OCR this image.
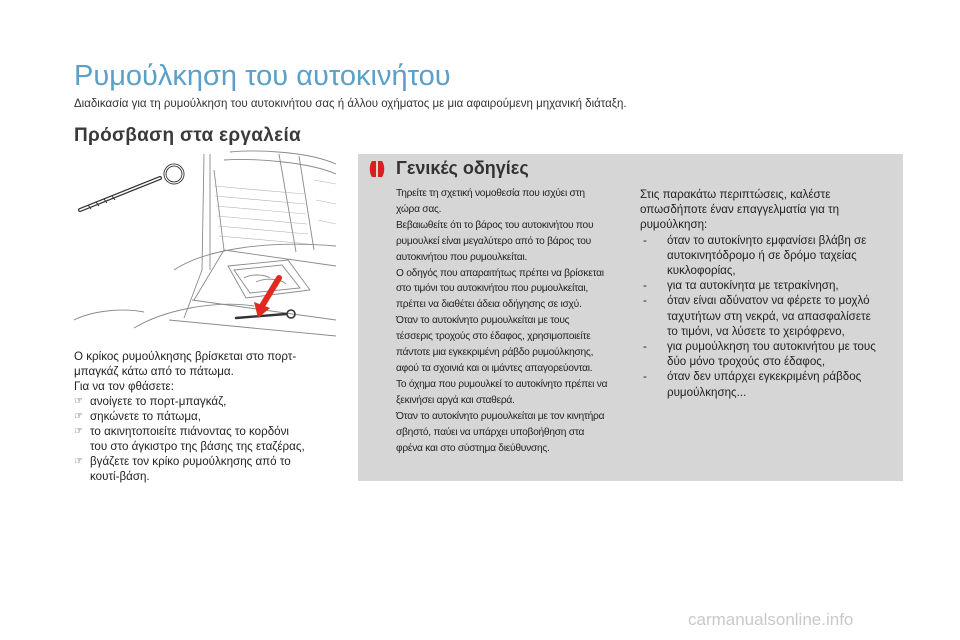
Ρυμούλκηση του αυτοκινήτου
Διαδικασία για τη ρυμούλκηση του αυτοκινήτου σας ή άλλου οχήματος με μια αφαιρούμενη μηχανική διάταξη.
Πρόσβαση στα εργαλεία
Ο κρίκος ρυμούλκησης βρίσκεται στο πορτ-
μπαγκάζ κάτω από το πάτωμα.
Για να τον φθάσετε:
☞ ανοίγετε το πορτ-μπαγκάζ,
☞ σηκώνετε το πάτωμα,
☞ το ακινητοποιείτε πιάνοντας το κορδόνι
του στο άγκιστρο της βάσης της εταζέρας,
☞ βγάζετε τον κρίκο ρυμούλκησης από το
κουτί-βάση.
Γενικές οδηγίες
Τηρείτε τη σχετική νομοθεσία που ισχύει στη
χώρα σας.
Βεβαιωθείτε ότι το βάρος του αυτοκινήτου που
ρυμουλκεί είναι μεγαλύτερο από το βάρος του
αυτοκινήτου που ρυμουλκείται.
Ο οδηγός που απαραιτήτως πρέπει να βρίσκεται
στο τιμόνι του αυτοκινήτου που ρυμουλκείται,
πρέπει να διαθέτει άδεια οδήγησης σε ισχύ.
Όταν το αυτοκίνητο ρυμουλκείται με τους
τέσσερις τροχούς στο έδαφος, χρησιμοποιείτε
πάντοτε μια εγκεκριμένη ράβδο ρυμούλκησης,
αφού τα σχοινιά και οι ιμάντες απαγορεύονται.
Το όχημα που ρυμουλκεί το αυτοκίνητο πρέπει να
ξεκινήσει αργά και σταθερά.
Όταν το αυτοκίνητο ρυμουλκείται με τον κινητήρα
σβηστό, παύει να υπάρχει υποβοήθηση στα
φρένα και στο σύστημα διεύθυνσης.
Στις παρακάτω περιπτώσεις, καλέστε
οπωσδήποτε έναν επαγγελματία για τη
ρυμούλκηση:
- όταν το αυτοκίνητο εμφανίσει βλάβη σε
αυτοκινητόδρομο ή σε δρόμο ταχείας
κυκλοφορίας,
- για τα αυτοκίνητα με τετρακίνηση,
- όταν είναι αδύνατον να φέρετε το μοχλό
ταχυτήτων στη νεκρά, να απασφαλίσετε
το τιμόνι, να λύσετε το χειρόφρενο,
- για ρυμούλκηση του αυτοκινήτου με τους
δύο μόνο τροχούς στο έδαφος,
- όταν δεν υπάρχει εγκεκριμένη ράβδος
ρυμούλκησης...
carmanualsonline.info
